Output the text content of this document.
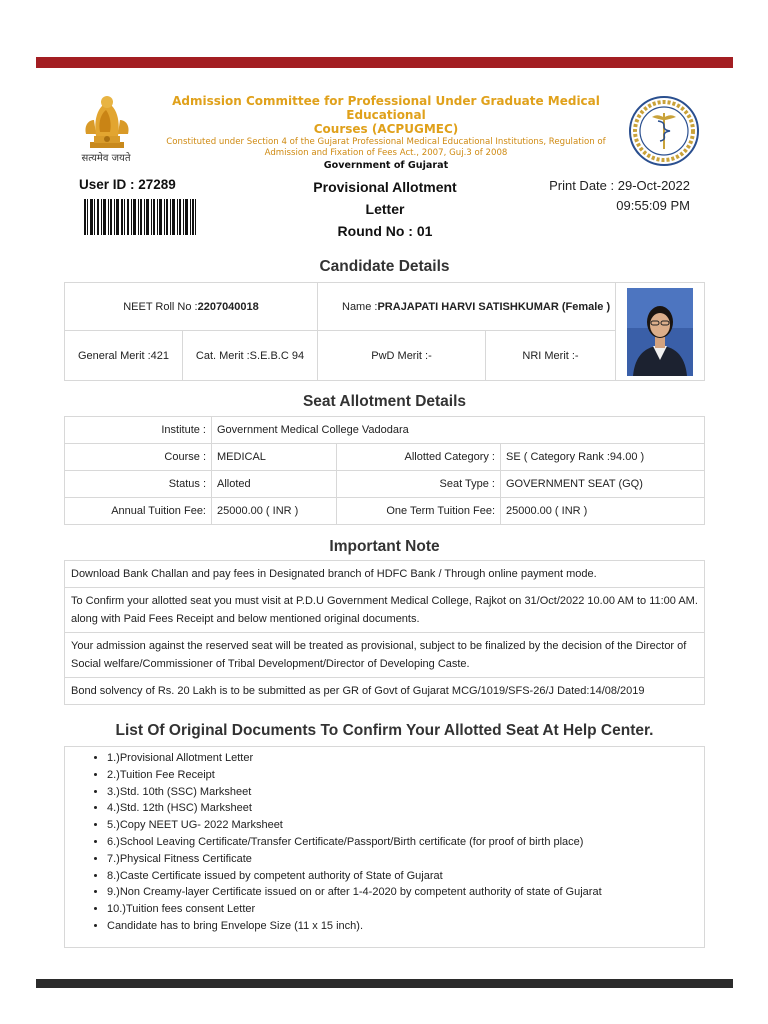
सत्यमेव जयते
Admission Committee for Professional Under Graduate Medical Educational
Courses (ACPUGMEC)
Constituted under Section 4 of the Gujarat Professional Medical Educational Institutions, Regulation of
Admission and Fixation of Fees Act., 2007, Guj.3 of 2008
Government of Gujarat
User ID : 27289	Provisional Allotment
Letter
Round No : 01
Print Date : 29-Oct-2022
09:55:09 PM
Candidate Details
NEET Roll No :2207040018		Name :PRAJAPATI HARVI SATISHKUMAR (Female )	

General Merit :421	Cat. Merit :S.E.B.C 94	PwD Merit :-	NRI Merit :-	
Seat Allotment Details
Institute :	Government Medical College Vadodara		
Course :	MEDICAL	Allotted Category :	SE ( Category Rank :94.00 )
Status :	Alloted	Seat Type :	GOVERNMENT SEAT (GQ)
Annual Tuition Fee:	25000.00 ( INR )	One Term Tuition Fee:	25000.00 ( INR )
Important Note
Download Bank Challan and pay fees in Designated branch of HDFC Bank / Through online payment mode.
To Confirm your allotted seat you must visit at P.D.U Government Medical College, Rajkot on 31/Oct/2022 10.00 AM to 11:00 AM. along with Paid Fees Receipt and below mentioned original documents.
Your admission against the reserved seat will be treated as provisional, subject to be finalized by the decision of the Director of Social welfare/Commissioner of Tribal Development/Director of Developing Caste.
Bond solvency of Rs. 20 Lakh is to be submitted as per GR of Govt of Gujarat MCG/1019/SFS-26/J Dated:14/08/2019
List Of Original Documents To Confirm Your Allotted Seat At Help Center.
• 1.)Provisional Allotment Letter
• 2.)Tuition Fee Receipt
• 3.)Std. 10th (SSC) Marksheet
• 4.)Std. 12th (HSC) Marksheet
• 5.)Copy NEET UG- 2022 Marksheet
• 6.)School Leaving Certificate/Transfer Certificate/Passport/Birth certificate (for proof of birth place)
• 7.)Physical Fitness Certificate
• 8.)Caste Certificate issued by competent authority of State of Gujarat
• 9.)Non Creamy-layer Certificate issued on or after 1-4-2020 by competent authority of state of Gujarat
• 10.)Tuition fees consent Letter
• Candidate has to bring Envelope Size (11 x 15 inch).
